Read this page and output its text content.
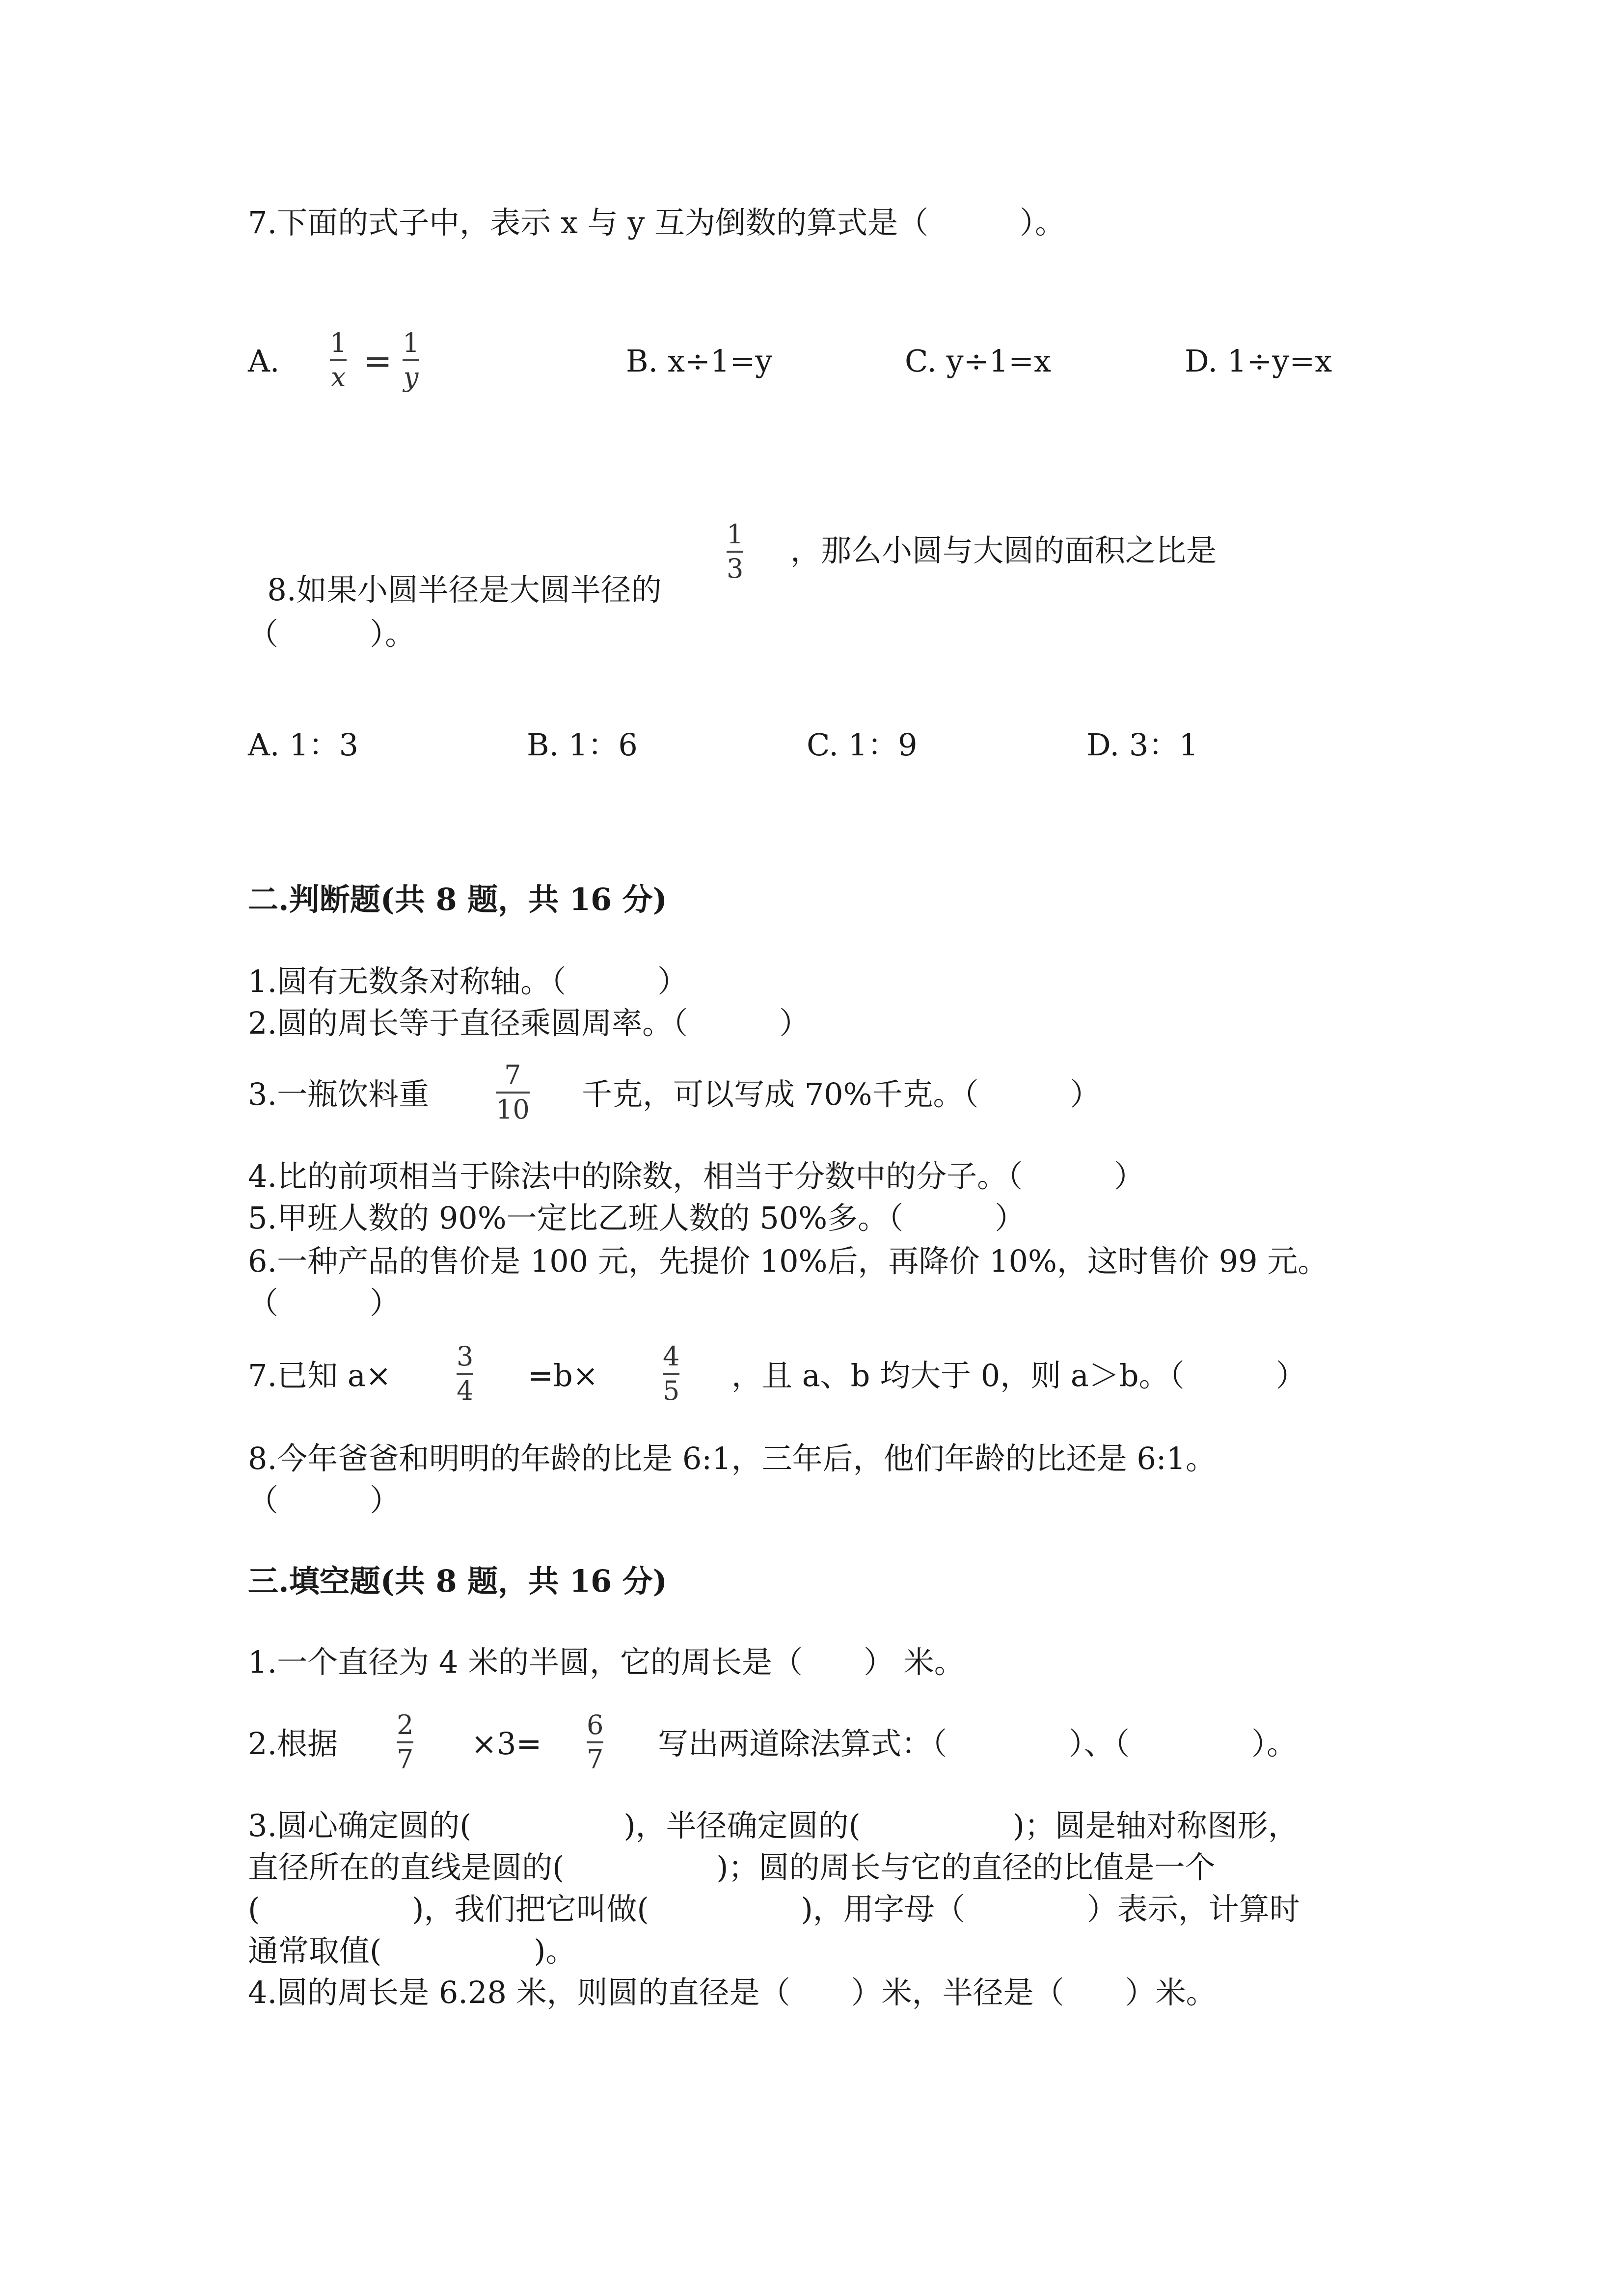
7.下面的式子中，表示 x 与 y 互为倒数的算式是（　　　）。
A.
1
x = 1
y	B. x÷1=y	C. y÷1=x	D. 1÷y=x

8.如果小圆半径是大圆半径的

1
3
，那么小圆与大圆的面积之比是
（　　　）。
A. 1：3	B. 1：6	C. 1：9	D. 3：1
二.判断题(共 8 题，共 16 分)
1.圆有无数条对称轴。（　　　）
2.圆的周长等于直径乘圆周率。（　　　）
3.一瓶饮料重
7
10 千克，可以写成 70%千克。（　　　）
4.比的前项相当于除法中的除数，相当于分数中的分子。（　　　）
5.甲班人数的 90%一定比乙班人数的 50%多。（　　　）
6.一种产品的售价是 100 元，先提价 10%后，再降价 10%，这时售价 99 元。
（　　　）
7.已知 a×
3
4 =b×
4
5 ，且 a、b 均大于 0，则 a＞b。（　　　）
8.今年爸爸和明明的年龄的比是 6:1，三年后，他们年龄的比还是 6:1。
（　　　）
三.填空题(共 8 题，共 16 分)
1.一个直径为 4 米的半圆，它的周长是（　　） 米。
2.根据
2
7 ×3=
6
7 写出两道除法算式：（　　　　）、（　　　　）。
3.圆心确定圆的(　　　　　)，半径确定圆的(　　　　　)；圆是轴对称图形，
直径所在的直线是圆的(　　　　　)；圆的周长与它的直径的比值是一个
(　　　　　)，我们把它叫做(　　　　　)，用字母（　　　　）表示，计算时
通常取值(　　　　　)。
4.圆的周长是 6.28 米，则圆的直径是（　　）米，半径是（　　）米。
